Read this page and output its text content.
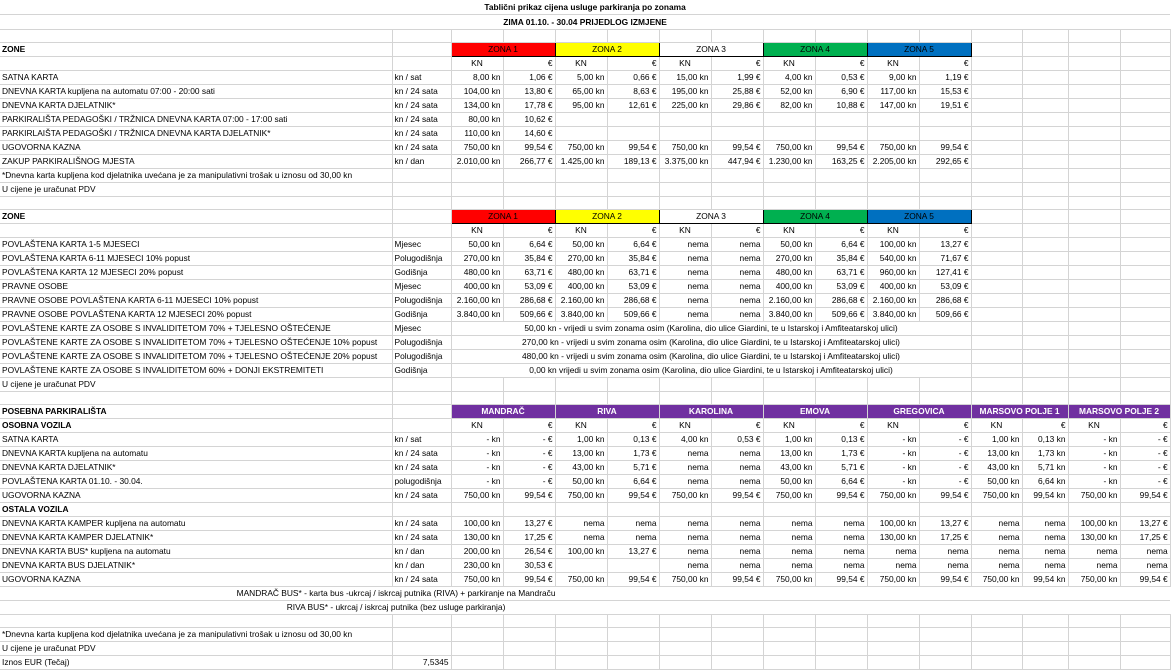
Tablični prikaz cijena usluge parkiranja po zonama															
ZIMA 01.10. - 30.04 PRIJEDLOG IZMJENE															

ZONE		ZONA 1		ZONA 2		ZONA 3		ZONA 4		ZONA 5					
		KN	€	KN	€	KN	€	KN	€	KN	€				
SATNA KARTA	kn / sat	8,00 kn	1,06 €	5,00 kn	0,66 €	15,00 kn	1,99 €	4,00 kn	0,53 €	9,00 kn	1,19 €				
DNEVNA KARTA kupljena na automatu 07:00 - 20:00 sati	kn / 24 sata	104,00 kn	13,80 €	65,00 kn	8,63 €	195,00 kn	25,88 €	52,00 kn	6,90 €	117,00 kn	15,53 €				
DNEVNA KARTA DJELATNIK*	kn / 24 sata	134,00 kn	17,78 €	95,00 kn	12,61 €	225,00 kn	29,86 €	82,00 kn	10,88 €	147,00 kn	19,51 €				
PARKIRALIŠTA PEDAGOŠKI / TRŽNICA DNEVNA KARTA 07:00 - 17:00 sati	kn / 24 sata	80,00 kn	10,62 €												
PARKIRLAIŠTA PEDAGOŠKI / TRŽNICA DNEVNA KARTA DJELATNIK*	kn / 24 sata	110,00 kn	14,60 €												
UGOVORNA KAZNA	kn / 24 sata	750,00 kn	99,54 €	750,00 kn	99,54 €	750,00 kn	99,54 €	750,00 kn	99,54 €	750,00 kn	99,54 €				
ZAKUP PARKIRALIŠNOG MJESTA	kn / dan	2.010,00 kn	266,77 €	1.425,00 kn	189,13 €	3.375,00 kn	447,94 €	1.230,00 kn	163,25 €	2.205,00 kn	292,65 €				
*Dnevna karta kupljena kod djelatnika uvećana je za manipulativni trošak u iznosu od 30,00 kn															
U cijene je uračunat PDV															

ZONE		ZONA 1		ZONA 2		ZONA 3		ZONA 4		ZONA 5					
		KN	€	KN	€	KN	€	KN	€	KN	€				
POVLAŠTENA KARTA 1-5 MJESECI	Mjesec	50,00 kn	6,64 €	50,00 kn	6,64 €	nema	nema	50,00 kn	6,64 €	100,00 kn	13,27 €				
POVLAŠTENA KARTA 6-11 MJESECI 10% popust	Polugodišnja	270,00 kn	35,84 €	270,00 kn	35,84 €	nema	nema	270,00 kn	35,84 €	540,00 kn	71,67 €				
POVLAŠTENA KARTA 12 MJESECI 20% popust	Godišnja	480,00 kn	63,71 €	480,00 kn	63,71 €	nema	nema	480,00 kn	63,71 €	960,00 kn	127,41 €				
PRAVNE OSOBE	Mjesec	400,00 kn	53,09 €	400,00 kn	53,09 €	nema	nema	400,00 kn	53,09 €	400,00 kn	53,09 €				
PRAVNE OSOBE POVLAŠTENA KARTA 6-11 MJESECI 10% popust	Polugodišnja	2.160,00 kn	286,68 €	2.160,00 kn	286,68 €	nema	nema	2.160,00 kn	286,68 €	2.160,00 kn	286,68 €				
PRAVNE OSOBE POVLAŠTENA KARTA 12 MJESECI 20% popust	Godišnja	3.840,00 kn	509,66 €	3.840,00 kn	509,66 €	nema	nema	3.840,00 kn	509,66 €	3.840,00 kn	509,66 €				
POVLAŠTENE KARTE ZA OSOBE S INVALIDITETOM 70% + TJELESNO OŠTEĆENJE	Mjesec	50,00 kn - vrijedi u svim zonama osim (Karolina, dio ulice Giardini, te u Istarskoj i Amfiteatarskoj ulici)													
POVLAŠTENE KARTE ZA OSOBE S INVALIDITETOM 70% + TJELESNO OŠTEĆENJE 10% popust	Polugodišnja	270,00 kn - vrijedi u svim zonama osim (Karolina, dio ulice Giardini, te u Istarskoj i Amfiteatarskoj ulici)													
POVLAŠTENE KARTE ZA OSOBE S INVALIDITETOM 70% + TJELESNO OŠTEĆENJE 20% popust	Polugodišnja	480,00 kn - vrijedi u svim zonama osim (Karolina, dio ulice Giardini, te u Istarskoj i Amfiteatarskoj ulici)													
POVLAŠTENE KARTE ZA OSOBE S INVALIDITETOM 60% + DONJI EKSTREMITETI	Godišnja	0,00 kn vrijedi u svim zonama osim (Karolina, dio ulice Giardini, te u Istarskoj i Amfiteatarskoj ulici)													
U cijene je uračunat PDV															

POSEBNA PARKIRALIŠTA		MANDRAČ		RIVA		KAROLINA		EMOVA		GREGOVICA		MARSOVO POLJE 1		MARSOVO POLJE 2	
OSOBNA VOZILA		KN	€	KN	€	KN	€	KN	€	KN	€	KN	€	KN	€
SATNA KARTA	kn / sat	- kn	- €	1,00 kn	0,13 €	4,00 kn	0,53 €	1,00 kn	0,13 €	- kn	- €	1,00 kn	0,13 kn	- kn	- €
DNEVNA KARTA kupljena na automatu	kn / 24 sata	- kn	- €	13,00 kn	1,73 €	nema	nema	13,00 kn	1,73 €	- kn	- €	13,00 kn	1,73 kn	- kn	- €
DNEVNA KARTA DJELATNIK*	kn / 24 sata	- kn	- €	43,00 kn	5,71 €	nema	nema	43,00 kn	5,71 €	- kn	- €	43,00 kn	5,71 kn	- kn	- €
POVLAŠTENA KARTA 01.10. - 30.04.	polugodišnja	- kn	- €	50,00 kn	6,64 €	nema	nema	50,00 kn	6,64 €	- kn	- €	50,00 kn	6,64 kn	- kn	- €
UGOVORNA KAZNA	kn / 24 sata	750,00 kn	99,54 €	750,00 kn	99,54 €	750,00 kn	99,54 €	750,00 kn	99,54 €	750,00 kn	99,54 €	750,00 kn	99,54 kn	750,00 kn	99,54 €
OSTALA VOZILA															
DNEVNA KARTA KAMPER kupljena na automatu	kn / 24 sata	100,00 kn	13,27 €	nema	nema	nema	nema	nema	nema	100,00 kn	13,27 €	nema	nema	100,00 kn	13,27 €
DNEVNA KARTA KAMPER DJELATNIK*	kn / 24 sata	130,00 kn	17,25 €	nema	nema	nema	nema	nema	nema	130,00 kn	17,25 €	nema	nema	130,00 kn	17,25 €
DNEVNA KARTA BUS* kupljena na automatu	kn / dan	200,00 kn	26,54 €	100,00 kn	13,27 €	nema	nema	nema	nema	nema	nema	nema	nema	nema	nema
DNEVNA KARTA BUS DJELATNIK*	kn / dan	230,00 kn	30,53 €			nema	nema	nema	nema	nema	nema	nema	nema	nema	nema
UGOVORNA KAZNA	kn / 24 sata	750,00 kn	99,54 €	750,00 kn	99,54 €	750,00 kn	99,54 €	750,00 kn	99,54 €	750,00 kn	99,54 €	750,00 kn	99,54 kn	750,00 kn	99,54 €
MANDRAČ BUS* - karta bus -ukrcaj / iskrcaj putnika (RIVA) + parkiranje na Mandraču															
RIVA BUS* - ukrcaj / iskrcaj putnika (bez usluge parkiranja)															

*Dnevna karta kupljena kod djelatnika uvećana je za manipulativni trošak u iznosu od 30,00 kn															
U cijene je uračunat PDV															
Iznos EUR (Tečaj)	7,5345														
